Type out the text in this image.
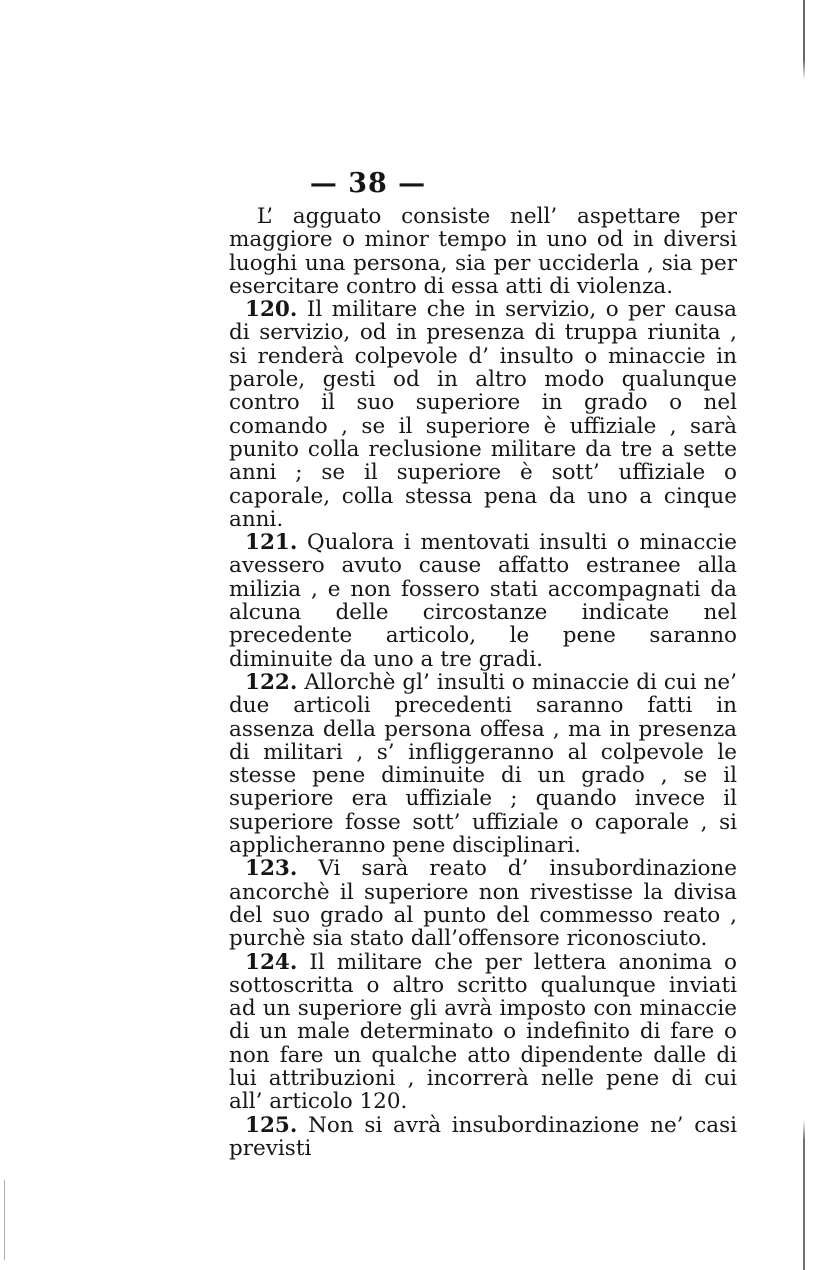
— 38 —

L’ agguato consiste nell’ aspettare per maggiore o minor tempo in uno od in diversi luoghi una persona, sia per ucciderla , sia per esercitare contro di essa atti di violenza.

120. Il militare che in servizio, o per causa di servizio, od in presenza di truppa riunita , si renderà colpevole d’ insulto o minaccie in parole, gesti od in altro modo qualunque contro il suo superiore in grado o nel comando , se il superiore è uffiziale , sarà punito colla reclusione militare da tre a sette anni ; se il superiore è sott’ uffiziale o caporale, colla stessa pena da uno a cinque anni.

121. Qualora i mentovati insulti o minaccie avessero avuto cause affatto estranee alla milizia , e non fossero stati accompagnati da alcuna delle circostanze indicate nel precedente articolo, le pene saranno diminuite da uno a tre gradi.

122. Allorchè gl’ insulti o minaccie di cui ne’ due articoli precedenti saranno fatti in assenza della persona offesa , ma in presenza di militari , s’ infliggeranno al colpevole le stesse pene diminuite di un grado , se il superiore era uffiziale ; quando invece il superiore fosse sott’ uffiziale o caporale , si applicheranno pene disciplinari.

123. Vi sarà reato d’ insubordinazione ancorchè il superiore non rivestisse la divisa del suo grado al punto del commesso reato , purchè sia stato dall’offensore riconosciuto.

124. Il militare che per lettera anonima o sottoscritta o altro scritto qualunque inviati ad un superiore gli avrà imposto con minaccie di un male determinato o indefinito di fare o non fare un qualche atto dipendente dalle di lui attribuzioni , incorrerà nelle pene di cui all’ articolo 120.

125. Non si avrà insubordinazione ne’ casi previsti
